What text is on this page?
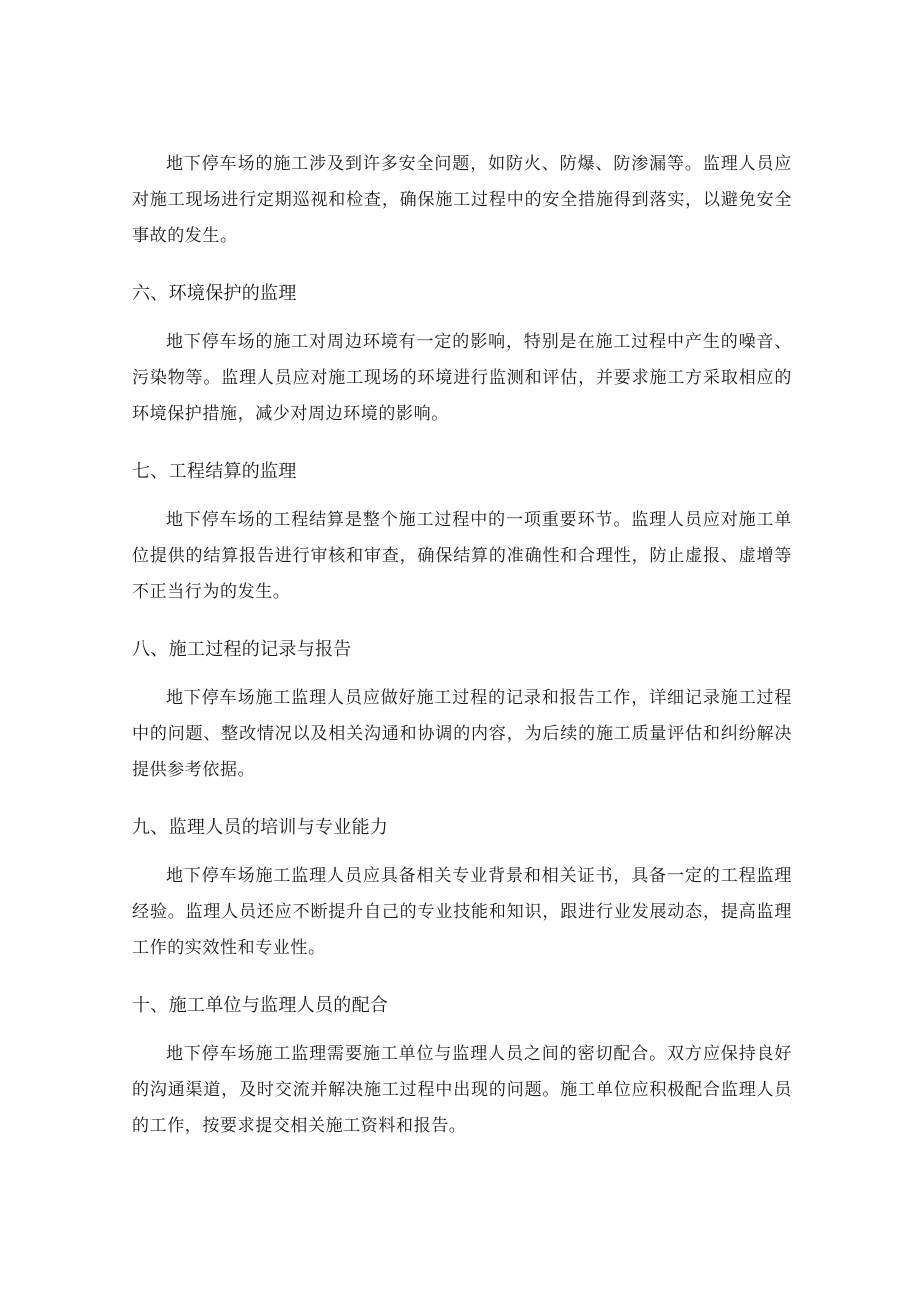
地下停车场的施工涉及到许多安全问题，如防火、防爆、防渗漏等。监理人员应对施工现场进行定期巡视和检查，确保施工过程中的安全措施得到落实，以避免安全事故的发生。

六、环境保护的监理

地下停车场的施工对周边环境有一定的影响，特别是在施工过程中产生的噪音、污染物等。监理人员应对施工现场的环境进行监测和评估，并要求施工方采取相应的环境保护措施，减少对周边环境的影响。

七、工程结算的监理

地下停车场的工程结算是整个施工过程中的一项重要环节。监理人员应对施工单位提供的结算报告进行审核和审查，确保结算的准确性和合理性，防止虚报、虚增等不正当行为的发生。

八、施工过程的记录与报告

地下停车场施工监理人员应做好施工过程的记录和报告工作，详细记录施工过程中的问题、整改情况以及相关沟通和协调的内容，为后续的施工质量评估和纠纷解决提供参考依据。

九、监理人员的培训与专业能力

地下停车场施工监理人员应具备相关专业背景和相关证书，具备一定的工程监理经验。监理人员还应不断提升自己的专业技能和知识，跟进行业发展动态，提高监理工作的实效性和专业性。

十、施工单位与监理人员的配合

地下停车场施工监理需要施工单位与监理人员之间的密切配合。双方应保持良好的沟通渠道，及时交流并解决施工过程中出现的问题。施工单位应积极配合监理人员的工作，按要求提交相关施工资料和报告。
